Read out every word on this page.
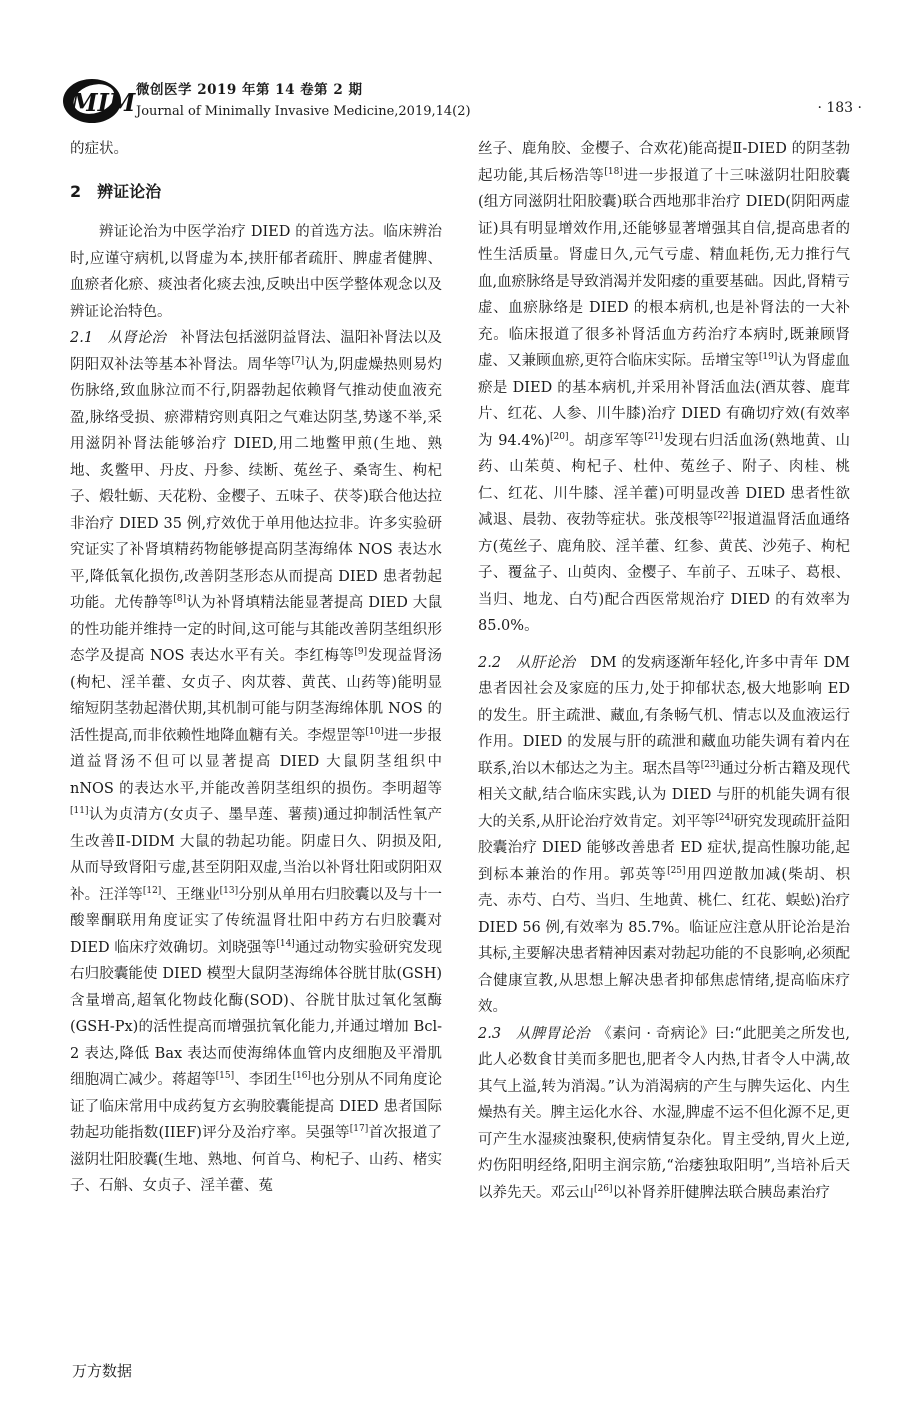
MIM 微创医学 2019 年第 14 卷第 2 期
Journal of Minimally Invasive Medicine,2019,14(2)	· 183 ·

的症状。

2　辨证论治

辨证论治为中医学治疗 DIED 的首选方法。临床辨治时,应谨守病机,以肾虚为本,挟肝郁者疏肝、脾虚者健脾、血瘀者化瘀、痰浊者化痰去浊,反映出中医学整体观念以及辨证论治特色。

2.1　从肾论治　补肾法包括滋阴益肾法、温阳补肾法以及阴阳双补法等基本补肾法。周华等[7]认为,阴虚燥热则易灼伤脉络,致血脉泣而不行,阴器勃起依赖肾气推动使血液充盈,脉络受损、瘀滞精窍则真阳之气难达阴茎,势遂不举,采用滋阴补肾法能够治疗 DIED,用二地鳖甲煎(生地、熟地、炙鳖甲、丹皮、丹参、续断、菟丝子、桑寄生、枸杞子、煅牡蛎、天花粉、金樱子、五味子、茯苓)联合他达拉非治疗 DIED 35 例,疗效优于单用他达拉非。许多实验研究证实了补肾填精药物能够提高阴茎海绵体 NOS 表达水平,降低氧化损伤,改善阴茎形态从而提高 DIED 患者勃起功能。尤传静等[8]认为补肾填精法能显著提高 DIED 大鼠的性功能并维持一定的时间,这可能与其能改善阴茎组织形态学及提高 NOS 表达水平有关。李红梅等[9]发现益肾汤(枸杞、淫羊藿、女贞子、肉苁蓉、黄芪、山药等)能明显缩短阴茎勃起潜伏期,其机制可能与阴茎海绵体肌 NOS 的活性提高,而非依赖性地降血糖有关。李煜罡等[10]进一步报道益肾汤不但可以显著提高 DIED 大鼠阴茎组织中 nNOS 的表达水平,并能改善阴茎组织的损伤。李明超等[11]认为贞清方(女贞子、墨旱莲、薯蓣)通过抑制活性氧产生改善Ⅱ-DIDM 大鼠的勃起功能。阴虚日久、阴损及阳,从而导致肾阳亏虚,甚至阴阳双虚,当治以补肾壮阳或阴阳双补。汪洋等[12]、王继业[13]分别从单用右归胶囊以及与十一酸睾酮联用角度证实了传统温肾壮阳中药方右归胶囊对 DIED 临床疗效确切。刘晓强等[14]通过动物实验研究发现右归胶囊能使 DIED 模型大鼠阴茎海绵体谷胱甘肽(GSH)含量增高,超氧化物歧化酶(SOD)、谷胱甘肽过氧化氢酶(GSH-Px)的活性提高而增强抗氧化能力,并通过增加 Bcl-2 表达,降低 Bax 表达而使海绵体血管内皮细胞及平滑肌细胞凋亡减少。蒋超等[15]、李团生[16]也分别从不同角度论证了临床常用中成药复方玄驹胶囊能提高 DIED 患者国际勃起功能指数(IIEF)评分及治疗率。吴强等[17]首次报道了滋阴壮阳胶囊(生地、熟地、何首乌、枸杞子、山药、楮实子、石斛、女贞子、淫羊藿、菟

丝子、鹿角胶、金樱子、合欢花)能高提Ⅱ-DIED 的阴茎勃起功能,其后杨浩等[18]进一步报道了十三味滋阴壮阳胶囊(组方同滋阴壮阳胶囊)联合西地那非治疗 DIED(阴阳两虚证)具有明显增效作用,还能够显著增强其自信,提高患者的性生活质量。肾虚日久,元气亏虚、精血耗伤,无力推行气血,血瘀脉络是导致消渴并发阳痿的重要基础。因此,肾精亏虚、血瘀脉络是 DIED 的根本病机,也是补肾法的一大补充。临床报道了很多补肾活血方药治疗本病时,既兼顾肾虚、又兼顾血瘀,更符合临床实际。岳增宝等[19]认为肾虚血瘀是 DIED 的基本病机,并采用补肾活血法(酒苁蓉、鹿茸片、红花、人参、川牛膝)治疗 DIED 有确切疗效(有效率为 94.4%)[20]。胡彦军等[21]发现右归活血汤(熟地黄、山药、山茱萸、枸杞子、杜仲、菟丝子、附子、肉桂、桃仁、红花、川牛膝、淫羊藿)可明显改善 DIED 患者性欲减退、晨勃、夜勃等症状。张茂根等[22]报道温肾活血通络方(菟丝子、鹿角胶、淫羊藿、红参、黄芪、沙苑子、枸杞子、覆盆子、山萸肉、金樱子、车前子、五味子、葛根、当归、地龙、白芍)配合西医常规治疗 DIED 的有效率为 85.0%。

2.2　从肝论治　DM 的发病逐渐年轻化,许多中青年 DM 患者因社会及家庭的压力,处于抑郁状态,极大地影响 ED 的发生。肝主疏泄、藏血,有条畅气机、情志以及血液运行作用。DIED 的发展与肝的疏泄和藏血功能失调有着内在联系,治以木郁达之为主。琚杰昌等[23]通过分析古籍及现代相关文献,结合临床实践,认为 DIED 与肝的机能失调有很大的关系,从肝论治疗效肯定。刘平等[24]研究发现疏肝益阳胶囊治疗 DIED 能够改善患者 ED 症状,提高性腺功能,起到标本兼治的作用。郭英等[25]用四逆散加减(柴胡、枳壳、赤芍、白芍、当归、生地黄、桃仁、红花、蜈蚣)治疗 DIED 56 例,有效率为 85.7%。临证应注意从肝论治是治其标,主要解决患者精神因素对勃起功能的不良影响,必须配合健康宣教,从思想上解决患者抑郁焦虑情绪,提高临床疗效。

2.3　从脾胃论治　《素问 · 奇病论》曰:“此肥美之所发也,此人必数食甘美而多肥也,肥者令人内热,甘者令人中满,故其气上溢,转为消渴。”认为消渴病的产生与脾失运化、内生燥热有关。脾主运化水谷、水湿,脾虚不运不但化源不足,更可产生水湿痰浊聚积,使病情复杂化。胃主受纳,胃火上逆,灼伤阳明经络,阳明主润宗筋,“治痿独取阳明”,当培补后天以养先天。邓云山[26]以补肾养肝健脾法联合胰岛素治疗

万方数据
